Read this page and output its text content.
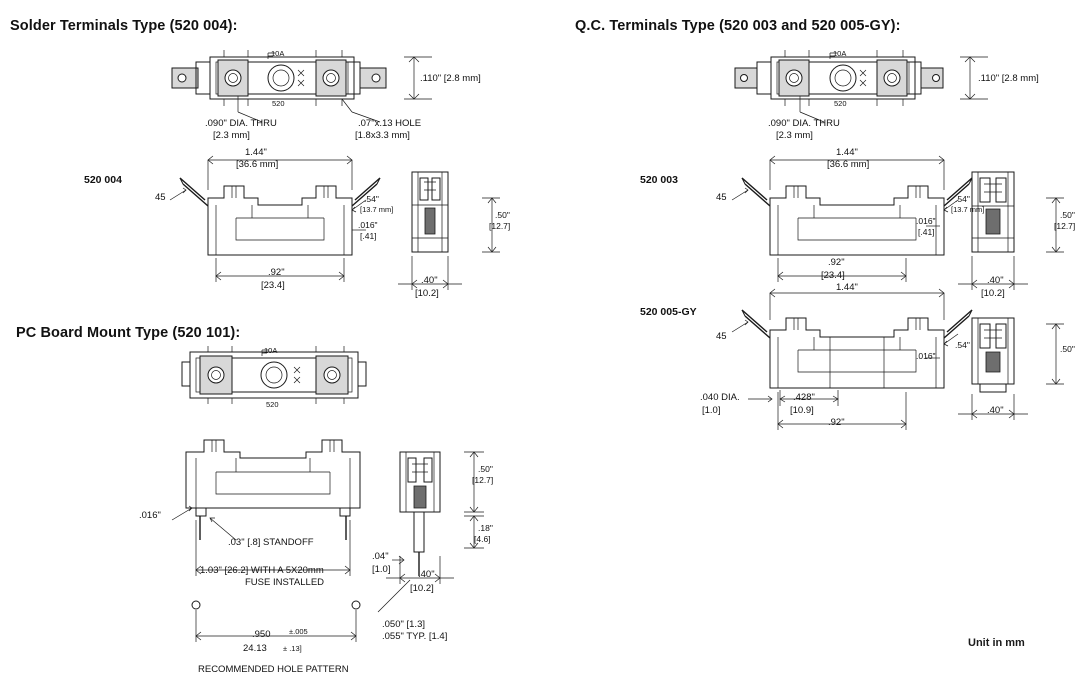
Solder Terminals Type (520 004):
PC Board Mount Type (520 101):
Q.C. Terminals Type (520 003 and 520 005-GY):
10A
520
.110" [2.8 mm]
.090" DIA. THRU
[2.3 mm]
.07"x.13 HOLE
[1.8x3.3 mm]
520 004
45
1.44"
[36.6 mm]
.54"
[13.7 mm]
.016"
[.41]
.50"
[12.7]
.92"
[23.4]	.40"
[10.2]
10A
520
.016"
.03" [.8] STANDOFF
1.03" [26.2] WITH A 5X20mm
FUSE INSTALLED
.04"
[1.0]	.40"
[10.2]
.50"
[12.7]
.18"
[4.6]
.050" [1.3]
.055" TYP. [1.4]
.950 ±.005
24.13 ± .13]
RECOMMENDED HOLE PATTERN
10A
520
.110" [2.8 mm]
.090" DIA. THRU
[2.3 mm]
520 003
45
1.44"
[36.6 mm]
.54"
[13.7 mm]
.016"
[.41]
.50"
[12.7]
.92"
[23.4]	.40"
[10.2]
520 005-GY
45
1.44"
.016"
.54"	.50"
.40"
.040 DIA.
[1.0]
.428"
[10.9]
.92"
Unit in mm
